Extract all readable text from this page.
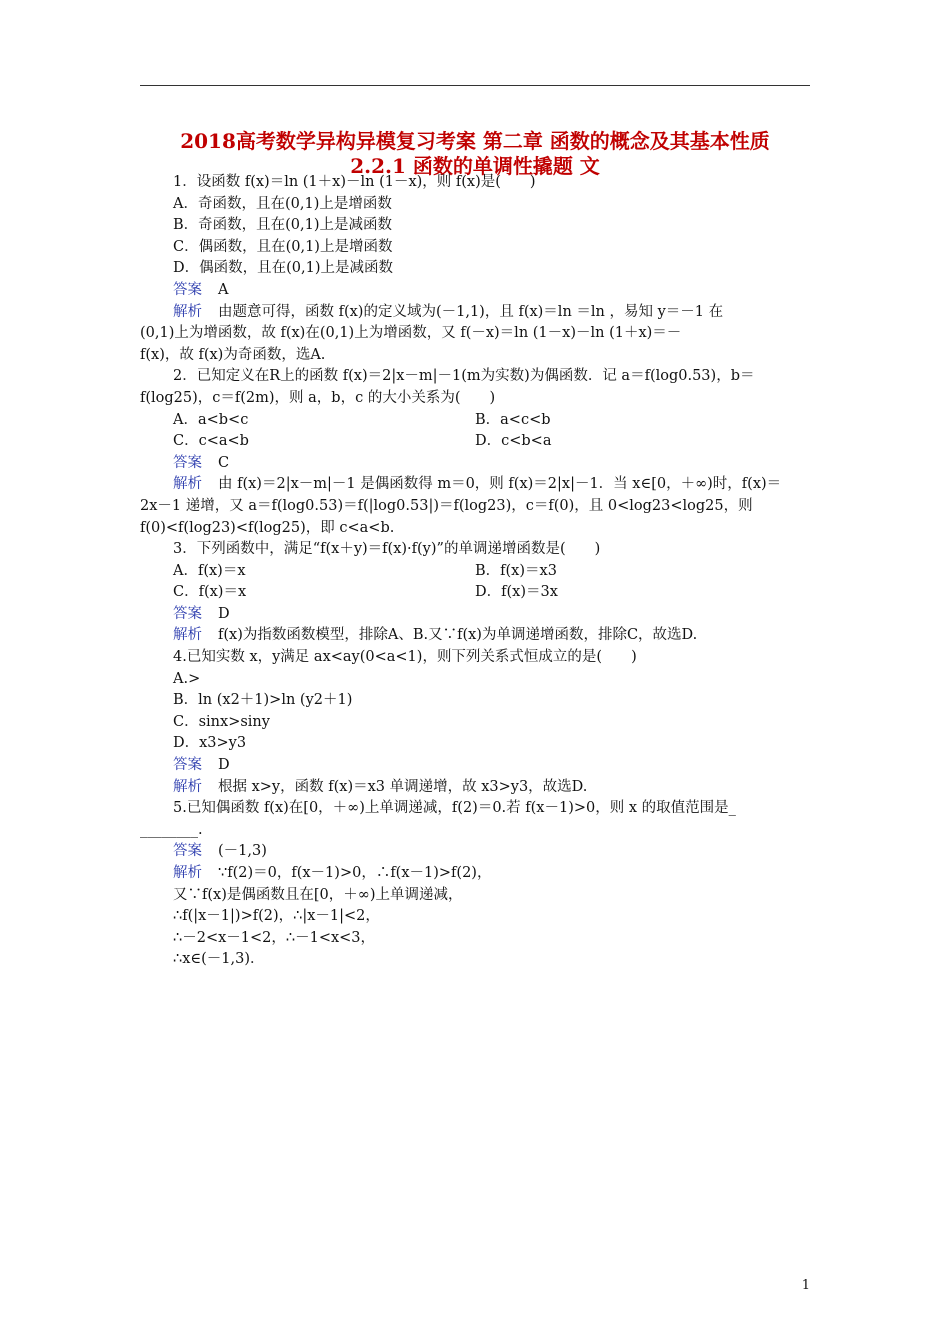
2018高考数学异构异模复习考案 第二章 函数的概念及其基本性质
2.2.1 函数的单调性撬题 文
1．设函数 f(x)＝ln (1＋x)－ln (1－x)，则 f(x)是(　　)
A．奇函数，且在(0,1)上是增函数
B．奇函数，且在(0,1)上是减函数
C．偶函数，且在(0,1)上是增函数
D．偶函数，且在(0,1)上是减函数
答案 A
解析 由题意可得，函数 f(x)的定义域为(－1,1)，且 f(x)＝ln ＝ln ，易知 y＝－1 在
(0,1)上为增函数，故 f(x)在(0,1)上为增函数，又 f(－x)＝ln (1－x)－ln (1＋x)＝－
f(x)，故 f(x)为奇函数，选A.
2．已知定义在R上的函数 f(x)＝2|x－m|－1(m为实数)为偶函数．记 a＝f(log0.53)，b＝
f(log25)，c＝f(2m)，则 a，b，c 的大小关系为(　　)
A．a<b<c	B．a<c<b
C．c<a<b	D．c<b<a
答案 C
解析 由 f(x)＝2|x－m|－1 是偶函数得 m＝0，则 f(x)＝2|x|－1．当 x∈[0，＋∞)时，f(x)＝
2x－1 递增，又 a＝f(log0.53)＝f(|log0.53|)＝f(log23)，c＝f(0)，且 0<log23<log25，则
f(0)<f(log23)<f(log25)，即 c<a<b.
3．下列函数中，满足“f(x＋y)＝f(x)·f(y)”的单调递增函数是(　　)
A．f(x)＝x	B．f(x)＝x3
C．f(x)＝x	D．f(x)＝3x
答案 D
解析 f(x)为指数函数模型，排除A、B.又∵f(x)为单调递增函数，排除C，故选D.
4.已知实数 x，y满足 ax<ay(0<a<1)，则下列关系式恒成立的是(　　)
A.>
B．ln (x2＋1)>ln (y2＋1)
C．sinx>siny
D．x3>y3
答案 D
解析 根据 x>y，函数 f(x)＝x3 单调递增，故 x3>y3，故选D.
5.已知偶函数 f(x)在[0，＋∞)上单调递减，f(2)＝0.若 f(x－1)>0，则 x 的取值范围是_
________.
答案 (－1,3)
解析 ∵f(2)＝0，f(x－1)>0，∴f(x－1)>f(2)，
又∵f(x)是偶函数且在[0，＋∞)上单调递减，
∴f(|x－1|)>f(2)，∴|x－1|<2，
∴－2<x－1<2，∴－1<x<3，
∴x∈(－1,3)．
1
